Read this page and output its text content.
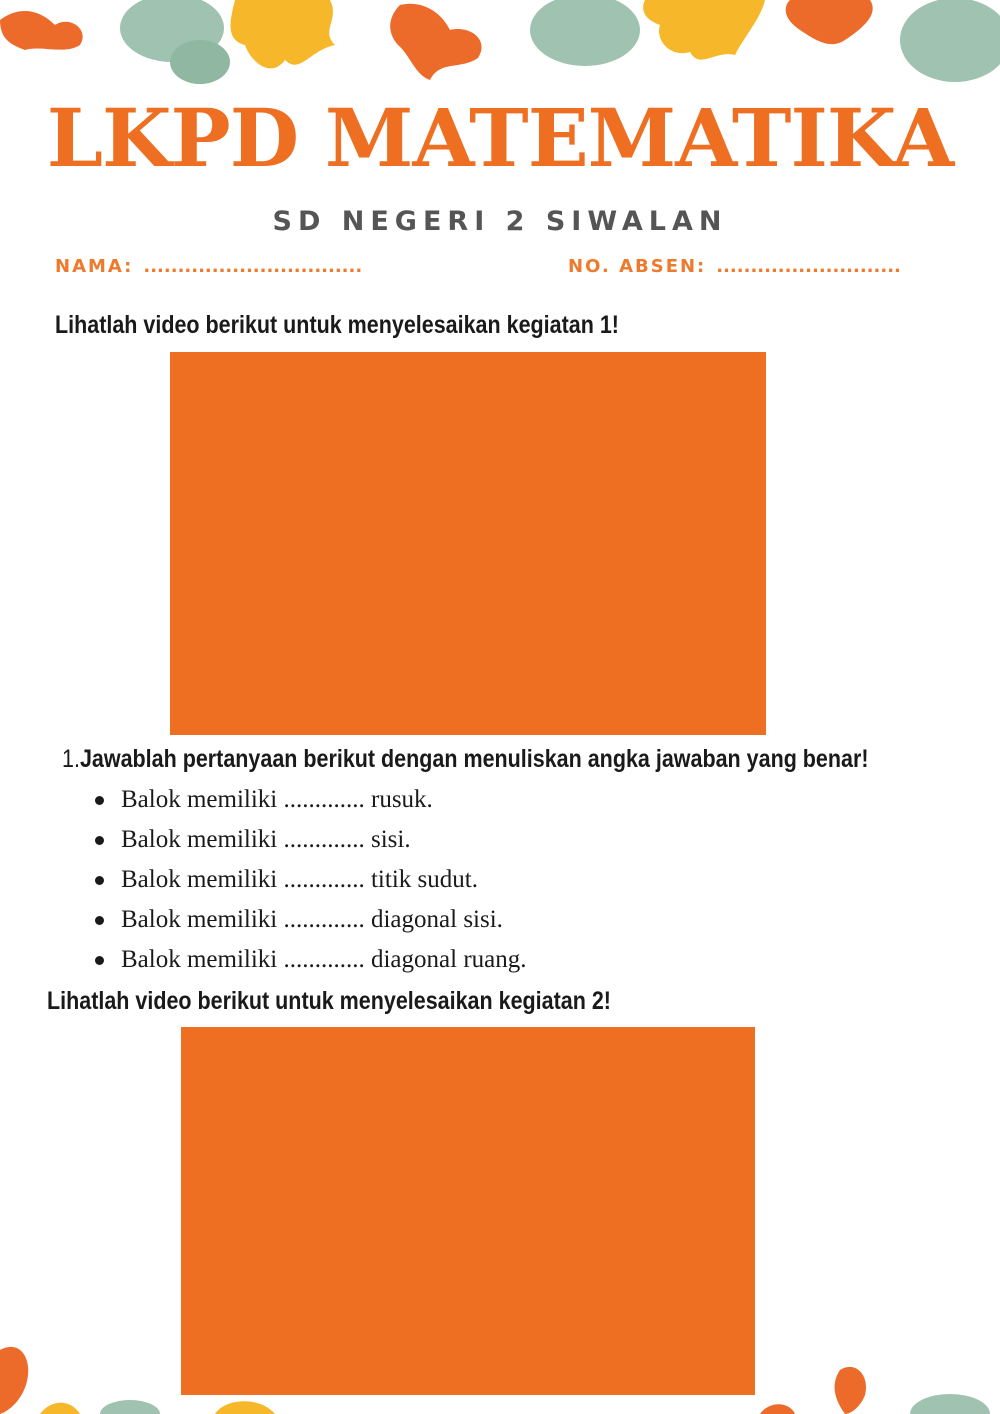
LKPD MATEMATIKA
SD NEGERI 2 SIWALAN
NAMA: ................................	NO. ABSEN: ...........................
Lihatlah video berikut untuk menyelesaikan kegiatan 1!
1.Jawablah pertanyaan berikut dengan menuliskan angka jawaban yang benar!
Balok memiliki ............. rusuk.
Balok memiliki ............. sisi.
Balok memiliki ............. titik sudut.
Balok memiliki ............. diagonal sisi.
Balok memiliki ............. diagonal ruang.
Lihatlah video berikut untuk menyelesaikan kegiatan 2!
